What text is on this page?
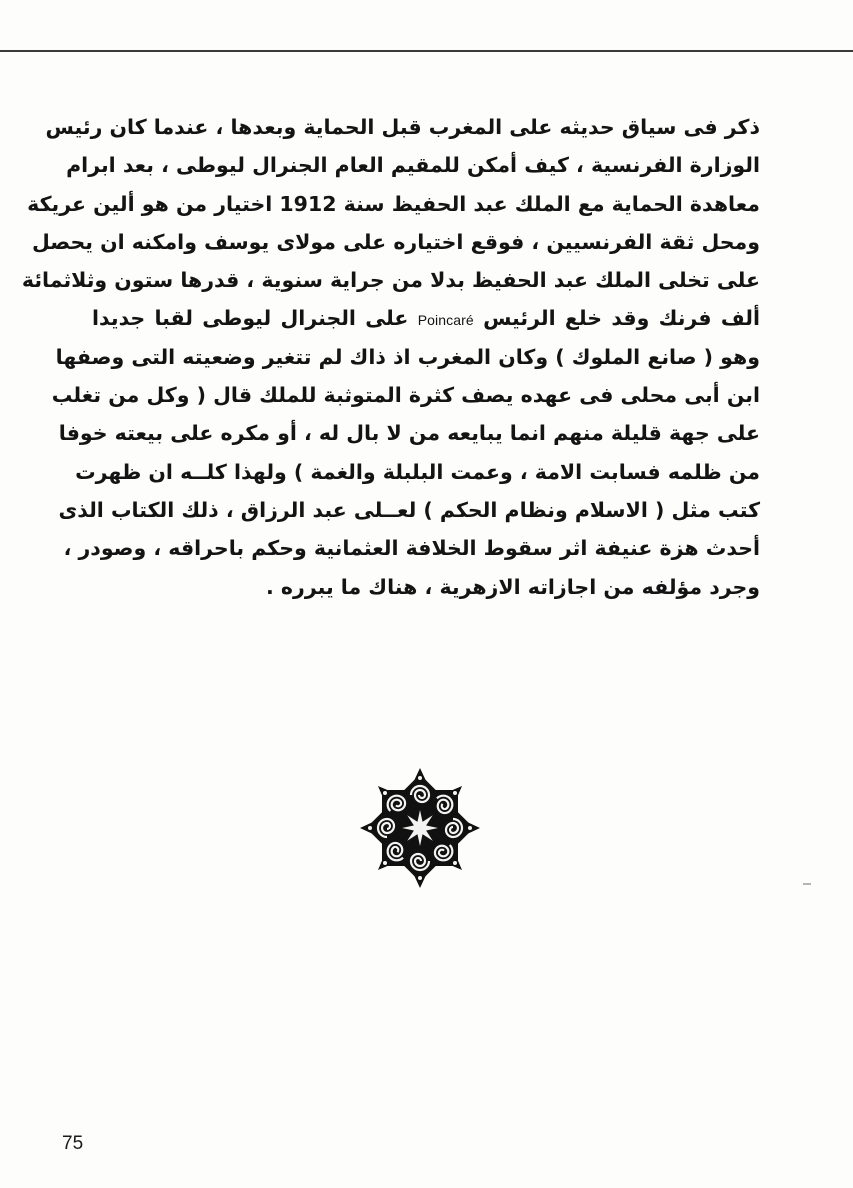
ذكر فى سياق حديثه على المغرب قبل الحماية وبعدها ، عندما كان رئيس
الوزارة الفرنسية ، كيف أمكن للمقيم العام الجنرال ليوطى ، بعد ابرام
معاهدة الحماية مع الملك عبد الحفيظ سنة 1912 اختيار من هو ألين عريكة
ومحل ثقة الفرنسيين ، فوقع اختياره على مولاى يوسف وامكنه ان يحصل
على تخلى الملك عبد الحفيظ بدلا من جراية سنوية ، قدرها ستون وثلاثمائة
ألف فرنك وقد خلع الرئيس Poincaré على الجنرال ليوطى لقبا جديدا
وهو ( صانع الملوك ) وكان المغرب اذ ذاك لم تتغير وضعيته التى وصفها
ابن أبى محلى فى عهده يصف كثرة المتوثبة للملك قال ( وكل من تغلب
على جهة قليلة منهم انما يبايعه من لا بال له ، أو مكره على بيعته خوفا
من ظلمه فسابت الامة ، وعمت البلبلة والغمة ) ولهذا كلــه ان ظهرت
كتب مثل ( الاسلام ونظام الحكم ) لعــلى عبد الرزاق ، ذلك الكتاب الذى
أحدث هزة عنيفة اثر سقوط الخلافة العثمانية وحكم باحراقه ، وصودر ،
وجرد مؤلفه من اجازاته الازهرية ، هناك ما يبرره .
75
